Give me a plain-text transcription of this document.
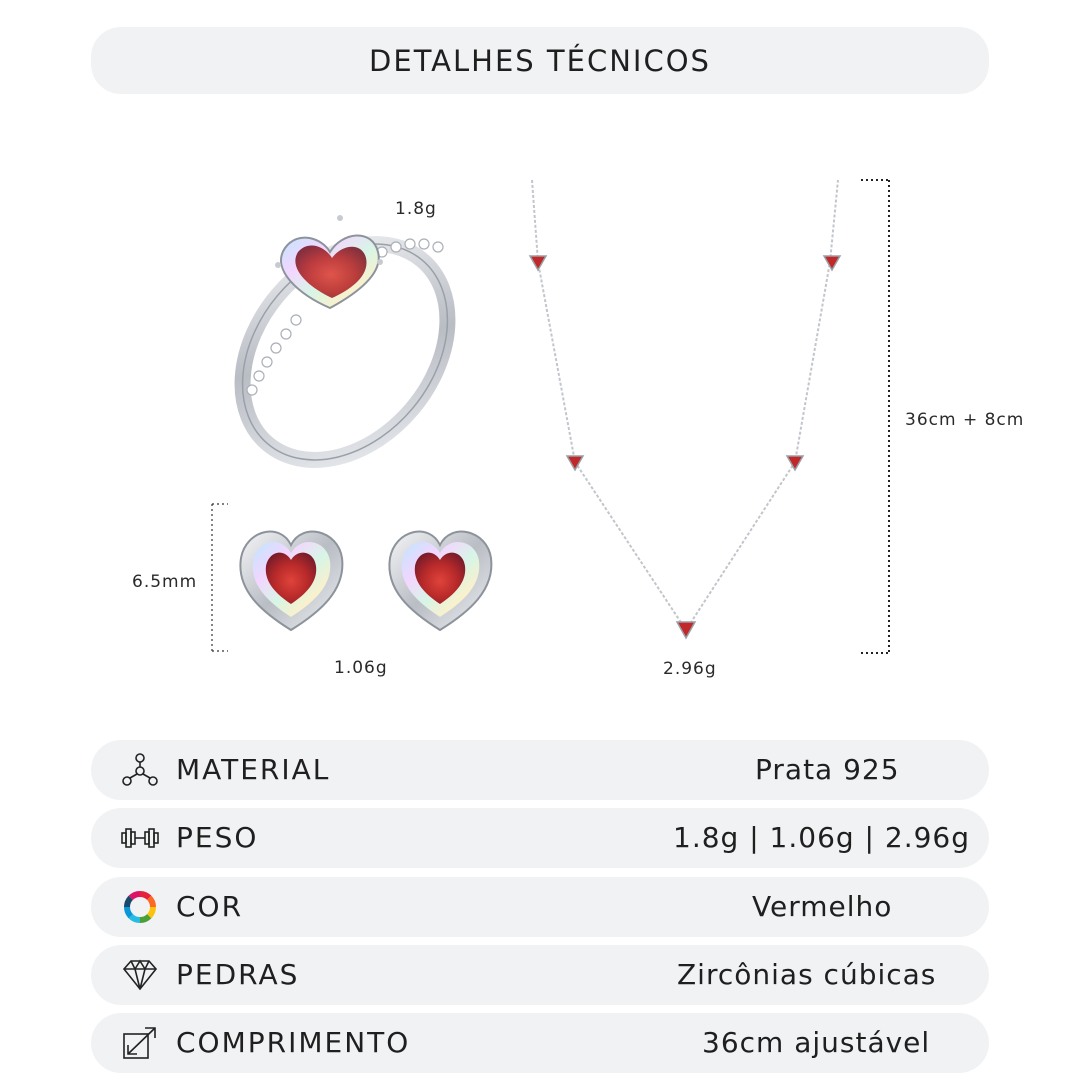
DETALHES TÉCNICOS
1.8g
6.5mm
1.06g	2.96g
36cm + 8cm
MATERIAL	Prata 925
PESO	1.8g | 1.06g | 2.96g
COR	Vermelho
PEDRAS	Zircônias cúbicas
COMPRIMENTO	36cm ajustável
